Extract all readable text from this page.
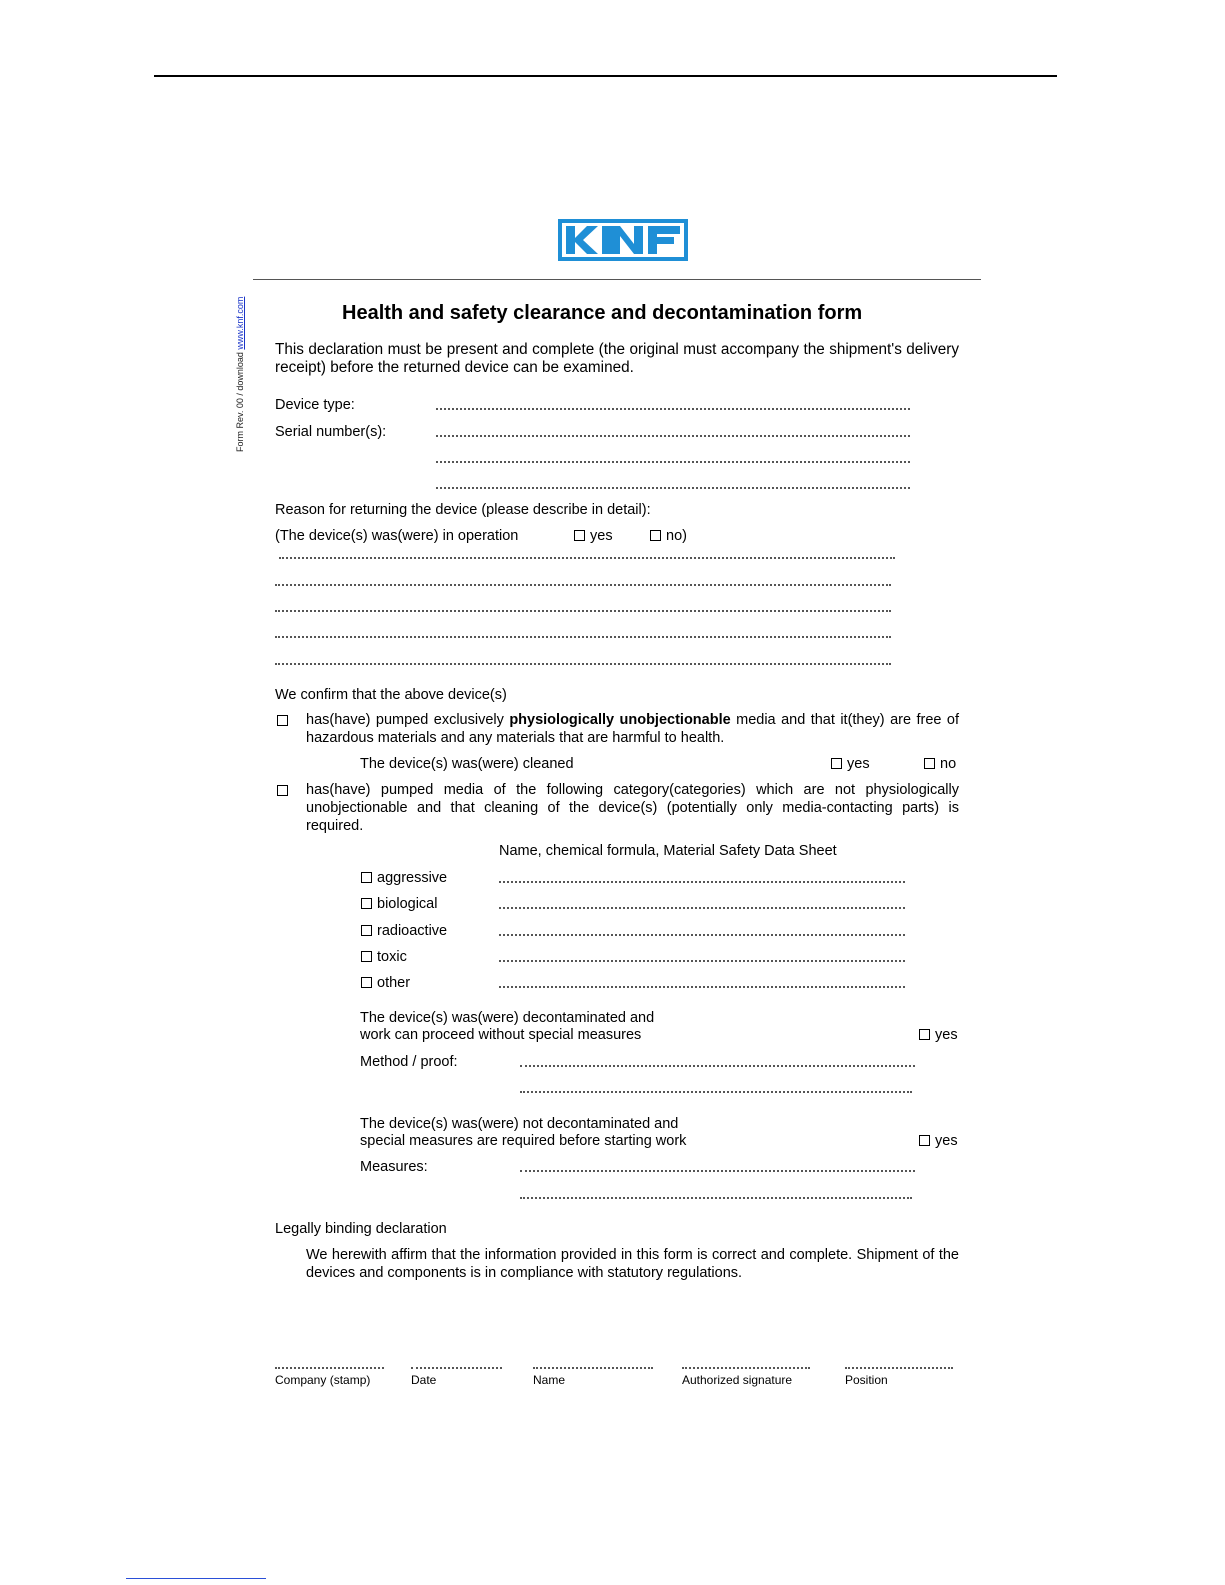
Form Rev. 00 / download www.knf.com	Health and safety clearance and decontamination form
This declaration must be present and complete (the original must accompany the shipment's delivery receipt) before the returned device can be examined.
Device type:
Serial number(s):
Reason for returning the device (please describe in detail):
(The device(s) was(were) in operation	yes	no)
We confirm that the above device(s)
has(have) pumped exclusively physiologically unobjectionable media and that it(they) are free of hazardous materials and any materials that are harmful to health.
The device(s) was(were) cleaned	yes	no
has(have) pumped media of the following category(categories) which are not physiologically unobjectionable and that cleaning of the device(s) (potentially only media-contacting parts) is required.
Name, chemical formula, Material Safety Data Sheet
aggressive
biological
radioactive
toxic
other
The device(s) was(were) decontaminated and
work can proceed without special measures	yes
Method / proof:
The device(s) was(were) not decontaminated and
special measures are required before starting work	yes
Measures:
Legally binding declaration
We herewith affirm that the information provided in this form is correct and complete. Shipment of the devices and components is in compliance with statutory regulations.
Company (stamp)	Date	Name	Authorized signature	Position
